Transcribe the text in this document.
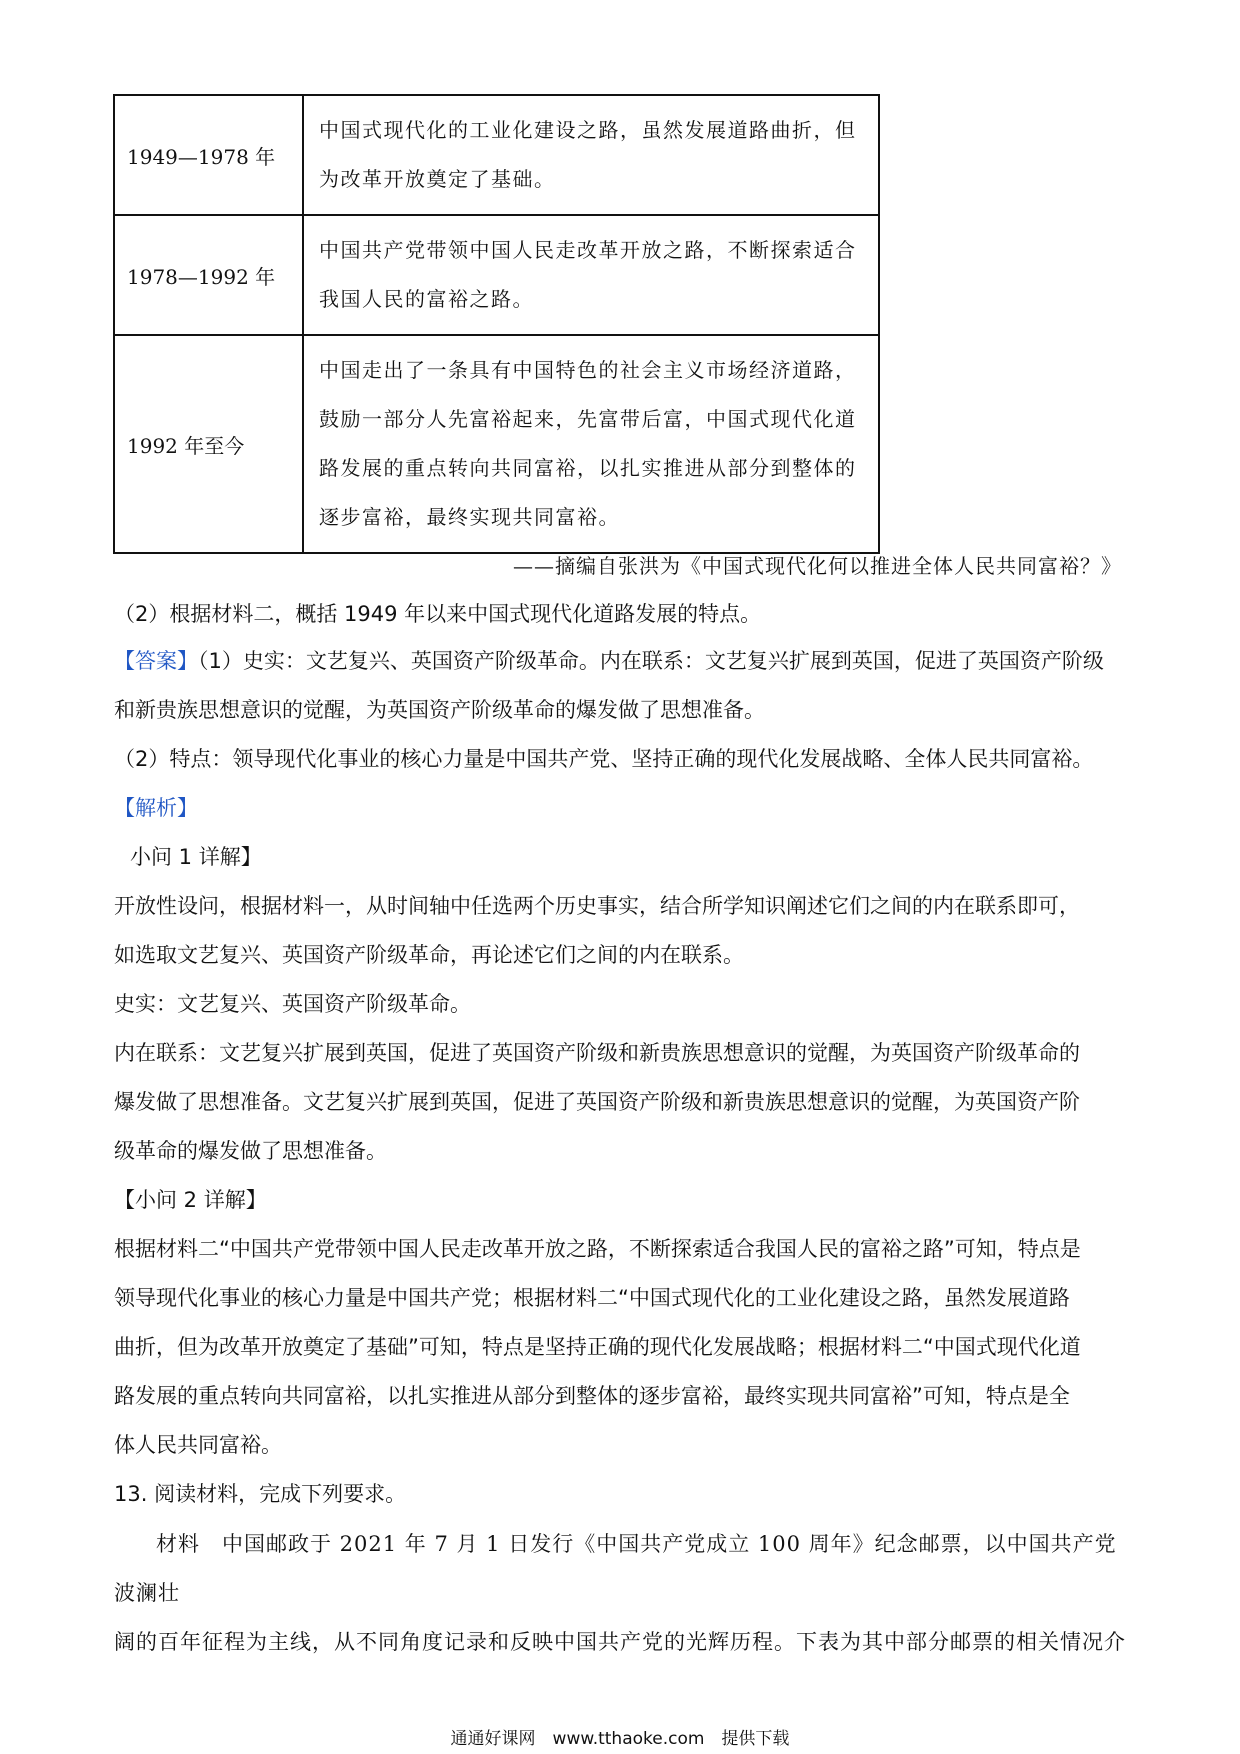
1949—1978 年	中国式现代化的工业化建设之路，虽然发展道路曲折，但
为改革开放奠定了基础。

1978—1992 年	中国共产党带领中国人民走改革开放之路，不断探索适合
我国人民的富裕之路。

1992 年至今	中国走出了一条具有中国特色的社会主义市场经济道路，
鼓励一部分人先富裕起来，先富带后富，中国式现代化道
路发展的重点转向共同富裕，以扎实推进从部分到整体的
逐步富裕，最终实现共同富裕。
——摘编自张洪为《中国式现代化何以推进全体人民共同富裕？》

（2）根据材料二，概括 1949 年以来中国式现代化道路发展的特点。

【答案】（1）史实：文艺复兴、英国资产阶级革命。内在联系：文艺复兴扩展到英国，促进了英国资产阶级

和新贵族思想意识的觉醒，为英国资产阶级革命的爆发做了思想准备。

（2）特点：领导现代化事业的核心力量是中国共产党、坚持正确的现代化发展战略、全体人民共同富裕。

【解析】

小问 1 详解】

开放性设问，根据材料一，从时间轴中任选两个历史事实，结合所学知识阐述它们之间的内在联系即可，

如选取文艺复兴、英国资产阶级革命，再论述它们之间的内在联系。

史实：文艺复兴、英国资产阶级革命。

内在联系：文艺复兴扩展到英国，促进了英国资产阶级和新贵族思想意识的觉醒，为英国资产阶级革命的

爆发做了思想准备。文艺复兴扩展到英国，促进了英国资产阶级和新贵族思想意识的觉醒，为英国资产阶

级革命的爆发做了思想准备。

【小问 2 详解】

根据材料二“中国共产党带领中国人民走改革开放之路，不断探索适合我国人民的富裕之路”可知，特点是

领导现代化事业的核心力量是中国共产党；根据材料二“中国式现代化的工业化建设之路，虽然发展道路

曲折，但为改革开放奠定了基础”可知，特点是坚持正确的现代化发展战略；根据材料二“中国式现代化道

路发展的重点转向共同富裕，以扎实推进从部分到整体的逐步富裕，最终实现共同富裕”可知，特点是全

体人民共同富裕。

13. 阅读材料，完成下列要求。

材料　中国邮政于 2021 年 7 月 1 日发行《中国共产党成立 100 周年》纪念邮票，以中国共产党波澜壮

阔的百年征程为主线，从不同角度记录和反映中国共产党的光辉历程。下表为其中部分邮票的相关情况介

通通好课网　www.tthaoke.com　提供下载
